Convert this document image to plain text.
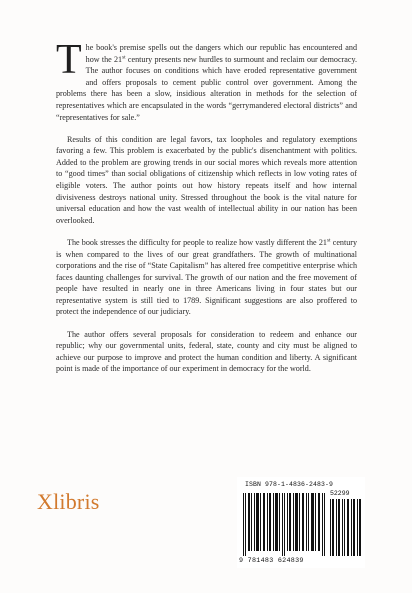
The book's premise spells out the dangers which our republic has encountered and how the 21st century presents new hurdles to surmount and reclaim our democracy. The author focuses on conditions which have eroded representative government and offers proposals to cement public control over government. Among the problems there has been a slow, insidious alteration in methods for the selection of representatives which are encapsulated in the words “gerrymandered electoral districts” and “representatives for sale.”

Results of this condition are legal favors, tax loopholes and regulatory exemptions favoring a few. This problem is exacerbated by the public's disenchantment with politics. Added to the problem are growing trends in our social mores which reveals more attention to “good times” than social obligations of citizenship which reflects in low voting rates of eligible voters. The author points out how history repeats itself and how internal divisiveness destroys national unity. Stressed throughout the book is the vital nature for universal education and how the vast wealth of intellectual ability in our nation has been overlooked.

The book stresses the difficulty for people to realize how vastly different the 21st century is when compared to the lives of our great grandfathers. The growth of multinational corporations and the rise of “State Capitalism” has altered free competitive enterprise which faces daunting challenges for survival. The growth of our nation and the free movement of people have resulted in nearly one in three Americans living in four states but our representative system is still tied to 1789. Significant suggestions are also proffered to protect the independence of our judiciary.

The author offers several proposals for consideration to redeem and enhance our republic; why our governmental units, federal, state, county and city must be aligned to achieve our purpose to improve and protect the human condition and liberty. A significant point is made of the importance of our experiment in democracy for the world.

Xlibris
ISBN 978-1-4836-2483-9
52299
9 781483 624839
